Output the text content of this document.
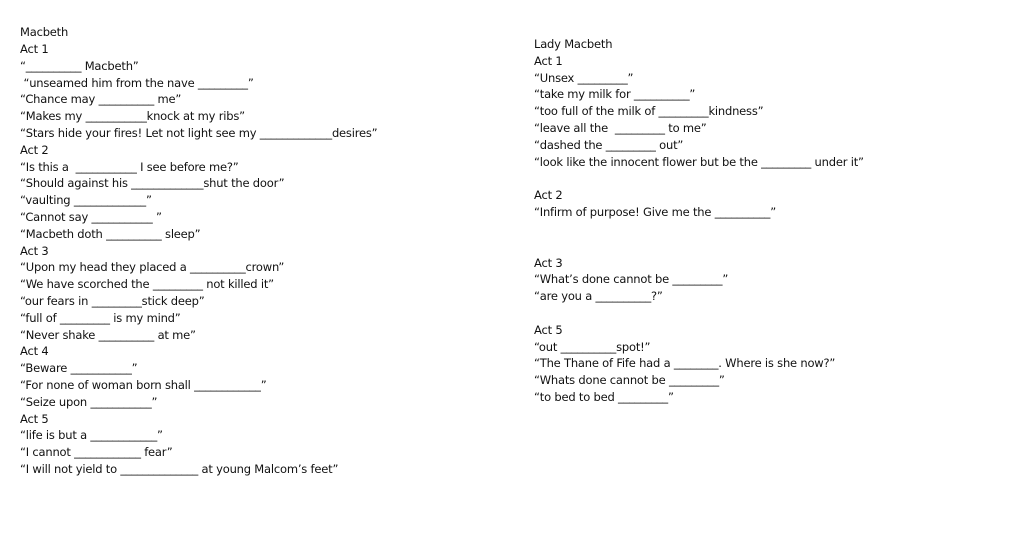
Macbeth
Act 1
“__________ Macbeth”
“unseamed him from the nave _________”
“Chance may __________ me”
“Makes my ___________knock at my ribs”
“Stars hide your fires! Let not light see my _____________desires”
Act 2
“Is this a  ___________ I see before me?”
“Should against his _____________shut the door”
“vaulting _____________”
“Cannot say ___________ ”
“Macbeth doth __________ sleep”
Act 3
“Upon my head they placed a __________crown”
“We have scorched the _________ not killed it”
“our fears in _________stick deep”
“full of _________ is my mind”
“Never shake __________ at me”
Act 4
“Beware ___________”
“For none of woman born shall ____________”
“Seize upon ___________”
Act 5
“life is but a ____________”
“I cannot ____________ fear”
“I will not yield to ______________ at young Malcom’s feet”
Lady Macbeth
Act 1
“Unsex _________”
“take my milk for __________”
“too full of the milk of _________kindness”
“leave all the  _________ to me”
“dashed the _________ out”
“look like the innocent flower but be the _________ under it”
Act 2
“Infirm of purpose! Give me the __________”
Act 3
“What’s done cannot be _________”
“are you a __________?”
Act 5
“out __________spot!”
“The Thane of Fife had a ________. Where is she now?”
“Whats done cannot be _________”
“to bed to bed _________”
